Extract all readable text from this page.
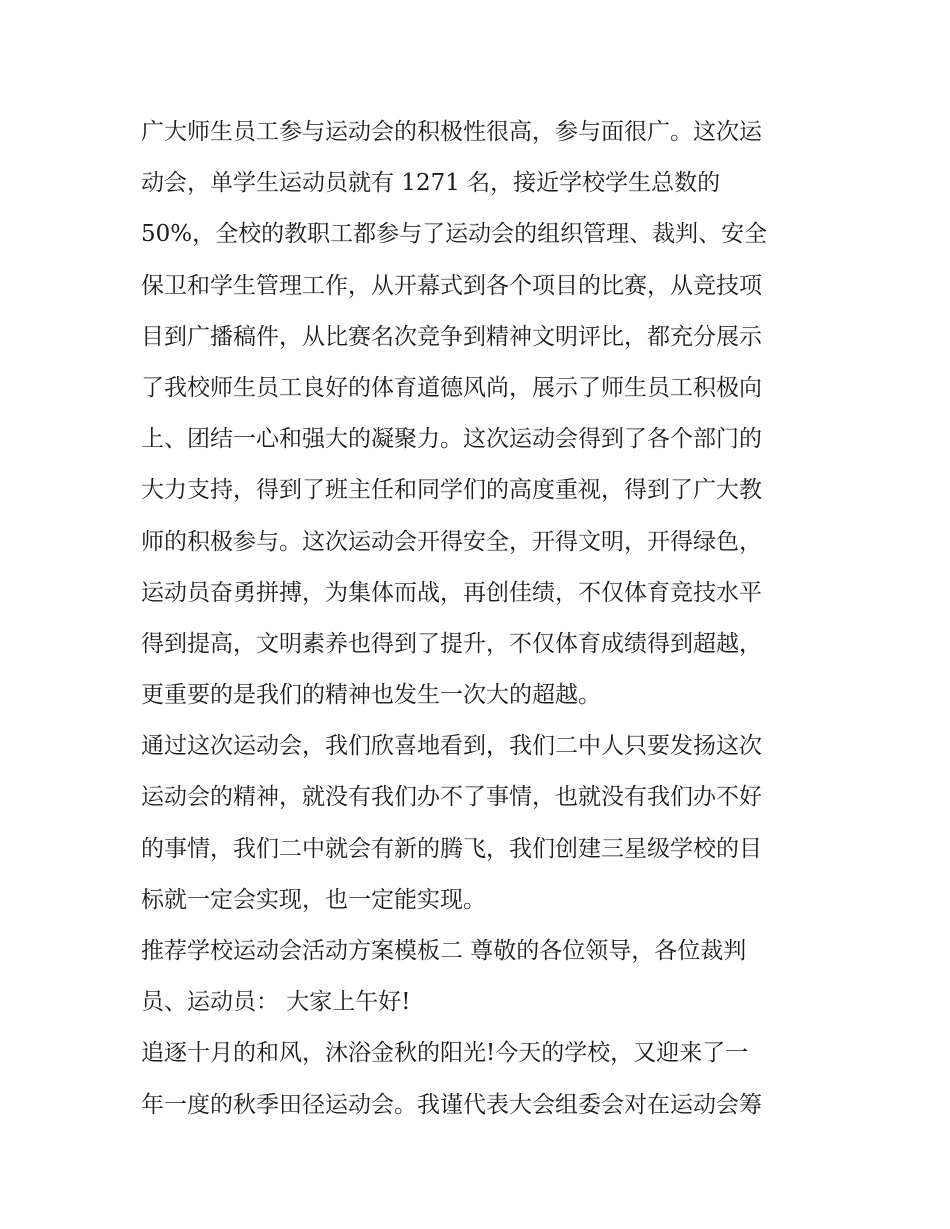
广大师生员工参与运动会的积极性很高，参与面很广。这次运
动会，单学生运动员就有 1271 名，接近学校学生总数的
50%，全校的教职工都参与了运动会的组织管理、裁判、安全
保卫和学生管理工作，从开幕式到各个项目的比赛，从竞技项
目到广播稿件，从比赛名次竞争到精神文明评比，都充分展示
了我校师生员工良好的体育道德风尚，展示了师生员工积极向
上、团结一心和强大的凝聚力。这次运动会得到了各个部门的
大力支持，得到了班主任和同学们的高度重视，得到了广大教
师的积极参与。这次运动会开得安全，开得文明，开得绿色，
运动员奋勇拼搏，为集体而战，再创佳绩，不仅体育竞技水平
得到提高，文明素养也得到了提升，不仅体育成绩得到超越，
更重要的是我们的精神也发生一次大的超越。
通过这次运动会，我们欣喜地看到，我们二中人只要发扬这次
运动会的精神，就没有我们办不了事情，也就没有我们办不好
的事情，我们二中就会有新的腾飞，我们创建三星级学校的目
标就一定会实现，也一定能实现。
推荐学校运动会活动方案模板二 尊敬的各位领导，各位裁判
员、运动员： 大家上午好!
追逐十月的和风，沐浴金秋的阳光!今天的学校，又迎来了一
年一度的秋季田径运动会。我谨代表大会组委会对在运动会筹
